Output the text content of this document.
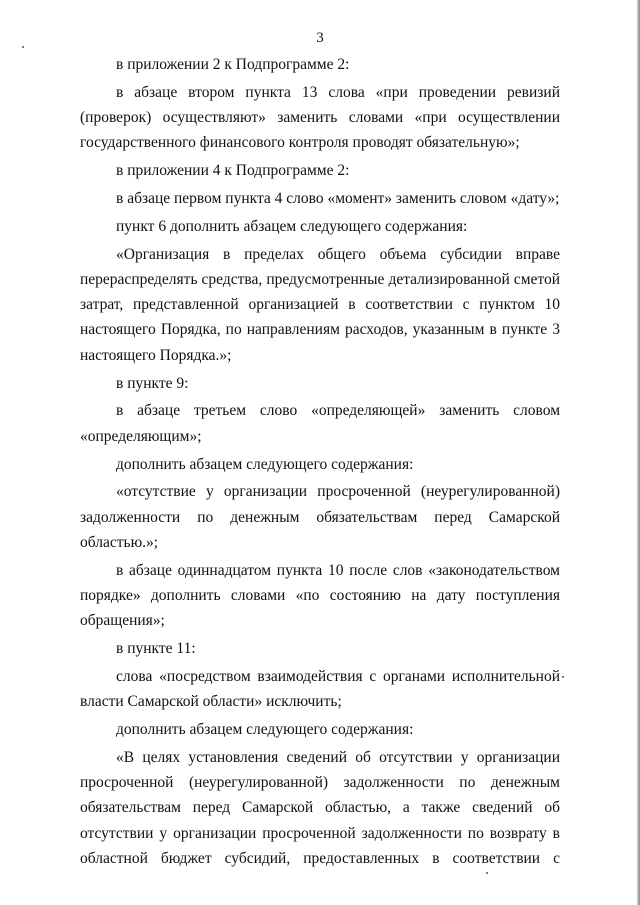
3

в приложении 2 к Подпрограмме 2:

в абзаце втором пункта 13 слова «при проведении ревизий (проверок) осуществляют» заменить словами «при осуществлении государственного финансового контроля проводят обязательную»;

в приложении 4 к Подпрограмме 2:

в абзаце первом пункта 4 слово «момент» заменить словом «дату»;

пункт 6 дополнить абзацем следующего содержания:

«Организация в пределах общего объема субсидии вправе перераспределять средства, предусмотренные детализированной сметой затрат, представленной организацией в соответствии с пунктом 10 настоящего Порядка, по направлениям расходов, указанным в пункте 3 настоящего Порядка.»;

в пункте 9:

в абзаце третьем слово «определяющей» заменить словом «определяющим»;

дополнить абзацем следующего содержания:

«отсутствие у организации просроченной (неурегулированной) задолженности по денежным обязательствам перед Самарской областью.»;

в абзаце одиннадцатом пункта 10 после слов «законодательством порядке» дополнить словами «по состоянию на дату поступления обращения»;

в пункте 11:

слова «посредством взаимодействия с органами исполнительной власти Самарской области» исключить;

дополнить абзацем следующего содержания:

«В целях установления сведений об отсутствии у организации просроченной (неурегулированной) задолженности по денежным обязательствам перед Самарской областью, а также сведений об отсутствии у организации просроченной задолженности по возврату в областной бюджет субсидий, предоставленных в соответствии с
